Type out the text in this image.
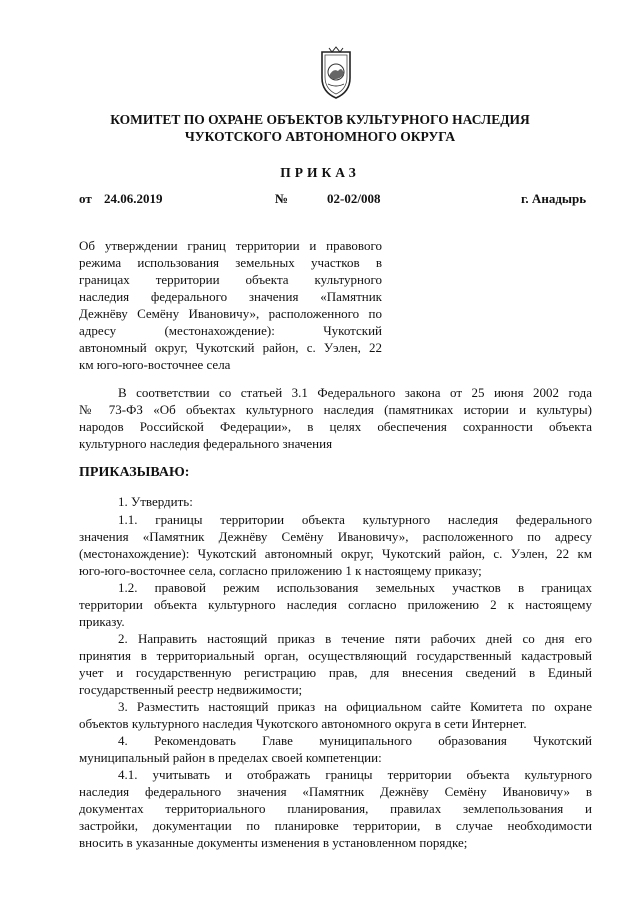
КОМИТЕТ ПО ОХРАНЕ ОБЪЕКТОВ КУЛЬТУРНОГО НАСЛЕДИЯ
ЧУКОТСКОГО АВТОНОМНОГО ОКРУГА
ПРИКАЗ
от 24.06.2019	№	02-02/008	г. Анадырь
Об утверждении границ территории и правового
режима использования земельных участков в
границах территории объекта культурного
наследия федерального значения «Памятник
Дежнёву Семёну Ивановичу», расположенного по
адресу (местонахождение): Чукотский
автономный округ, Чукотский район, с. Уэлен, 22
км юго-юго-восточнее села
В соответствии со статьей 3.1 Федерального закона от 25 июня 2002 года
№ 73-ФЗ «Об объектах культурного наследия (памятниках истории и культуры)
народов Российской Федерации», в целях обеспечения сохранности объекта
культурного наследия федерального значения
ПРИКАЗЫВАЮ:
1. Утвердить:
1.1. границы территории объекта культурного наследия федерального
значения «Памятник Дежнёву Семёну Ивановичу», расположенного по адресу
(местонахождение): Чукотский автономный округ, Чукотский район, с. Уэлен, 22 км
юго-юго-восточнее села, согласно приложению 1 к настоящему приказу;
1.2. правовой режим использования земельных участков в границах
территории объекта культурного наследия согласно приложению 2 к настоящему
приказу.
2. Направить настоящий приказ в течение пяти рабочих дней со дня его
принятия в территориальный орган, осуществляющий государственный кадастровый
учет и государственную регистрацию прав, для внесения сведений в Единый
государственный реестр недвижимости;
3. Разместить настоящий приказ на официальном сайте Комитета по охране
объектов культурного наследия Чукотского автономного округа в сети Интернет.
4. Рекомендовать Главе муниципального образования Чукотский
муниципальный район в пределах своей компетенции:
4.1. учитывать и отображать границы территории объекта культурного
наследия федерального значения «Памятник Дежнёву Семёну Ивановичу» в
документах территориального планирования, правилах землепользования и
застройки, документации по планировке территории, в случае необходимости
вносить в указанные документы изменения в установленном порядке;
